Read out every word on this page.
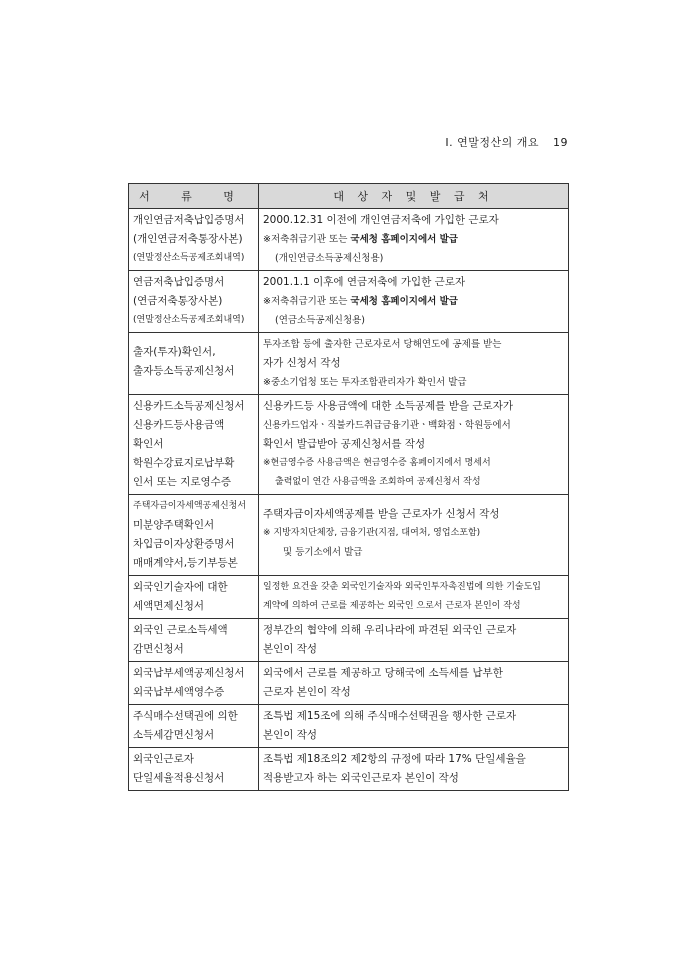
Ⅰ. 연말정산의 개요 19
서 류 명	대 상 자 및 발 급 처

개인연금저축납입증명서
(개인연금저축통장사본)
(연말정산소득공제조회내역)	2000.12.31 이전에 개인연금저축에 가입한 근로자
※저축취급기관 또는 국세청 홈페이지에서 발급
(개인연금소득공제신청용)

연금저축납입증명서
(연금저축통장사본)
(연말정산소득공제조회내역)	2001.1.1 이후에 연금저축에 가입한 근로자
※저축취급기관 또는 국세청 홈페이지에서 발급
(연금소득공제신청용)

출자(투자)확인서,
출자등소득공제신청서	투자조합 등에 출자한 근로자로서 당해연도에 공제를 받는
자가 신청서 작성
※중소기업청 또는 투자조합관리자가 확인서 발급

신용카드소득공제신청서
신용카드등사용금액
확인서
학원수강료지로납부확
인서 또는 지로영수증	신용카드등 사용금액에 대한 소득공제를 받을 근로자가
신용카드업자ㆍ직불카드취급금융기관ㆍ백화점ㆍ학원등에서
확인서 발급받아 공제신청서를 작성
※현금영수증 사용금액은 현금영수증 홈페이지에서 명세서
출력없이 연간 사용금액을 조회하여 공제신청서 작성

주택자금이자세액공제신청서
미분양주택확인서
차입금이자상환증명서
매매계약서,등기부등본	주택자금이자세액공제를 받을 근로자가 신청서 작성
※ 지방자치단체장, 금융기관(지점, 대여처, 영업소포함)
및 등기소에서 발급

외국인기술자에 대한
세액면제신청서	일정한 요건을 갖춘 외국인기술자와 외국인투자촉진법에 의한 기술도입
계약에 의하여 근로를 제공하는 외국인 으로서 근로자 본인이 작성

외국인 근로소득세액
감면신청서	정부간의 협약에 의해 우리나라에 파견된 외국인 근로자
본인이 작성

외국납부세액공제신청서
외국납부세액영수증	외국에서 근로를 제공하고 당해국에 소득세를 납부한
근로자 본인이 작성

주식매수선택권에 의한
소득세감면신청서	조특법 제15조에 의해 주식매수선택권을 행사한 근로자
본인이 작성

외국인근로자
단일세율적용신청서	조특법 제18조의2 제2항의 규정에 따라 17% 단일세율을
적용받고자 하는 외국인근로자 본인이 작성
